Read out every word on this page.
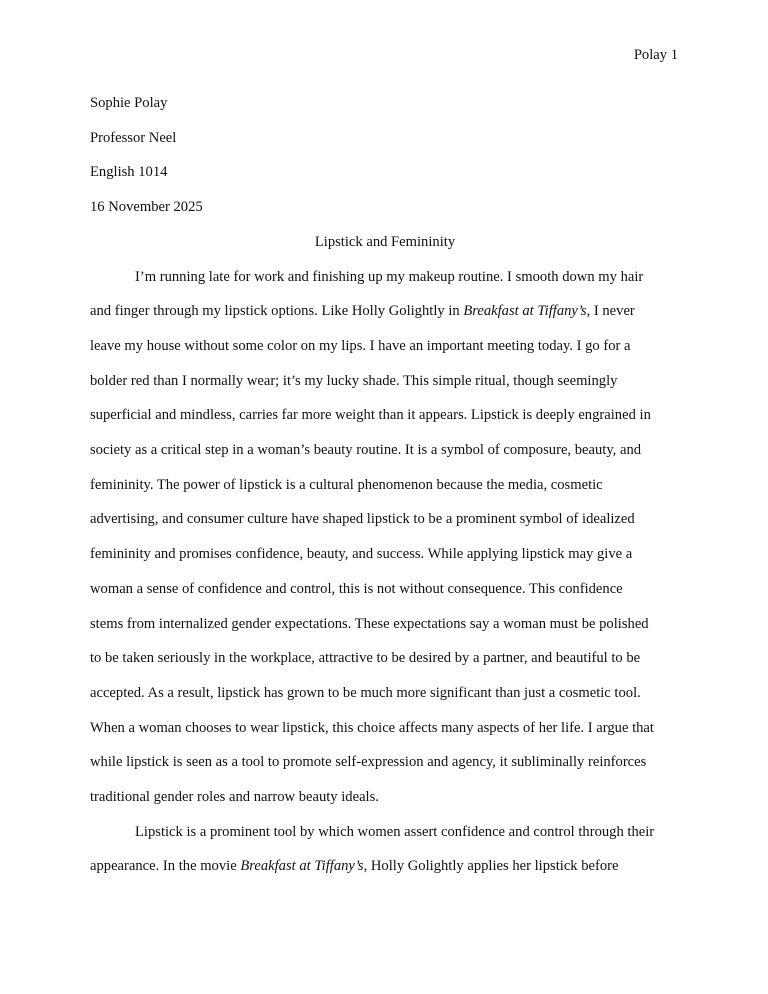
Polay 1

Sophie Polay

Professor Neel

English 1014

16 November 2025

Lipstick and Femininity

I’m running late for work and finishing up my makeup routine. I smooth down my hair

and finger through my lipstick options. Like Holly Golightly in Breakfast at Tiffany’s, I never

leave my house without some color on my lips. I have an important meeting today. I go for a

bolder red than I normally wear; it’s my lucky shade. This simple ritual, though seemingly

superficial and mindless, carries far more weight than it appears. Lipstick is deeply engrained in

society as a critical step in a woman’s beauty routine. It is a symbol of composure, beauty, and

femininity. The power of lipstick is a cultural phenomenon because the media, cosmetic

advertising, and consumer culture have shaped lipstick to be a prominent symbol of idealized

femininity and promises confidence, beauty, and success. While applying lipstick may give a

woman a sense of confidence and control, this is not without consequence. This confidence

stems from internalized gender expectations. These expectations say a woman must be polished

to be taken seriously in the workplace, attractive to be desired by a partner, and beautiful to be

accepted. As a result, lipstick has grown to be much more significant than just a cosmetic tool.

When a woman chooses to wear lipstick, this choice affects many aspects of her life. I argue that

while lipstick is seen as a tool to promote self-expression and agency, it subliminally reinforces

traditional gender roles and narrow beauty ideals.

Lipstick is a prominent tool by which women assert confidence and control through their

appearance. In the movie Breakfast at Tiffany’s, Holly Golightly applies her lipstick before
